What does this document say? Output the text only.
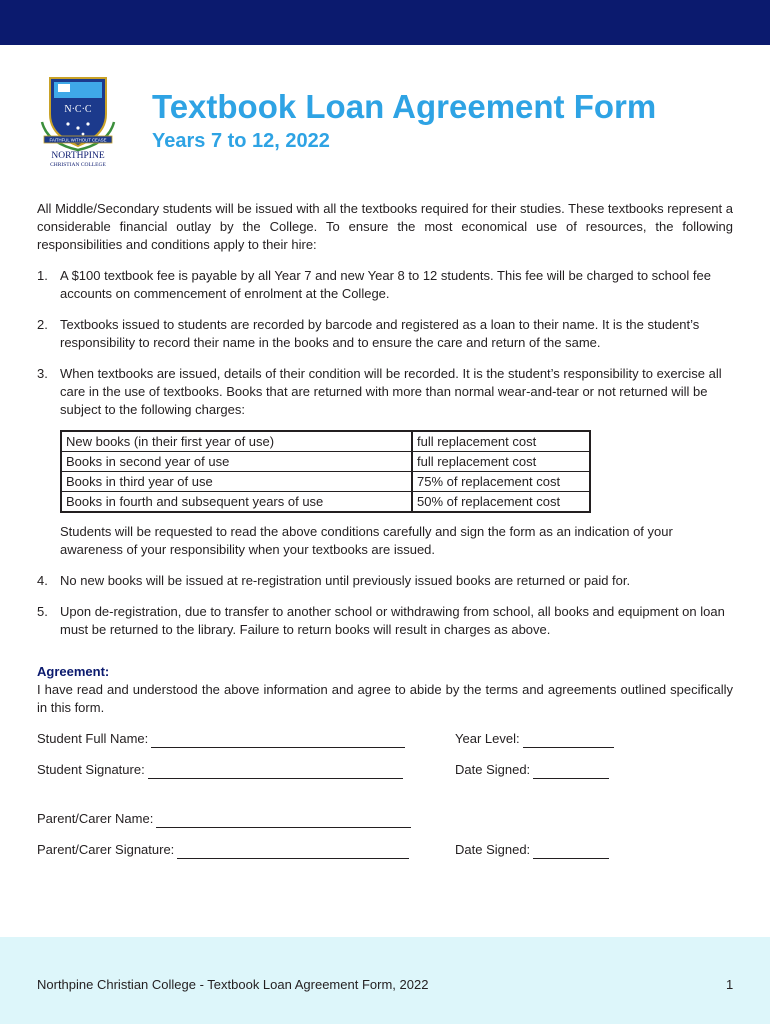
N·C·C
FAITHFUL WITHOUT CEASE
NORTHPINE
CHRISTIAN COLLEGE
Textbook Loan Agreement Form
Years 7 to 12, 2022

All Middle/Secondary students will be issued with all the textbooks required for their studies. These textbooks represent a considerable financial outlay by the College. To ensure the most economical use of resources, the following responsibilities and conditions apply to their hire:

1. A $100 textbook fee is payable by all Year 7 and new Year 8 to 12 students. This fee will be charged to school fee accounts on commencement of enrolment at the College.
2. Textbooks issued to students are recorded by barcode and registered as a loan to their name. It is the student’s responsibility to record their name in the books and to ensure the care and return of the same.
3. When textbooks are issued, details of their condition will be recorded. It is the student’s responsibility to exercise all care in the use of textbooks. Books that are returned with more than normal wear-and-tear or not returned will be subject to the following charges:
New books (in their first year of use)	full replacement cost
Books in second year of use	full replacement cost
Books in third year of use	75% of replacement cost
Books in fourth and subsequent years of use	50% of replacement cost

Students will be requested to read the above conditions carefully and sign the form as an indication of your awareness of your responsibility when your textbooks are issued.

4. No new books will be issued at re-registration until previously issued books are returned or paid for.
5. Upon de-registration, due to transfer to another school or withdrawing from school, all books and equipment on loan must be returned to the library. Failure to return books will result in charges as above.

Agreement:

I have read and understood the above information and agree to abide by the terms and agreements outlined specifically in this form.

Student Full Name:	Year Level:
Student Signature:	Date Signed:
Parent/Carer Name:
Parent/Carer Signature:	Date Signed:
Northpine Christian College - Textbook Loan Agreement Form, 2022	1
